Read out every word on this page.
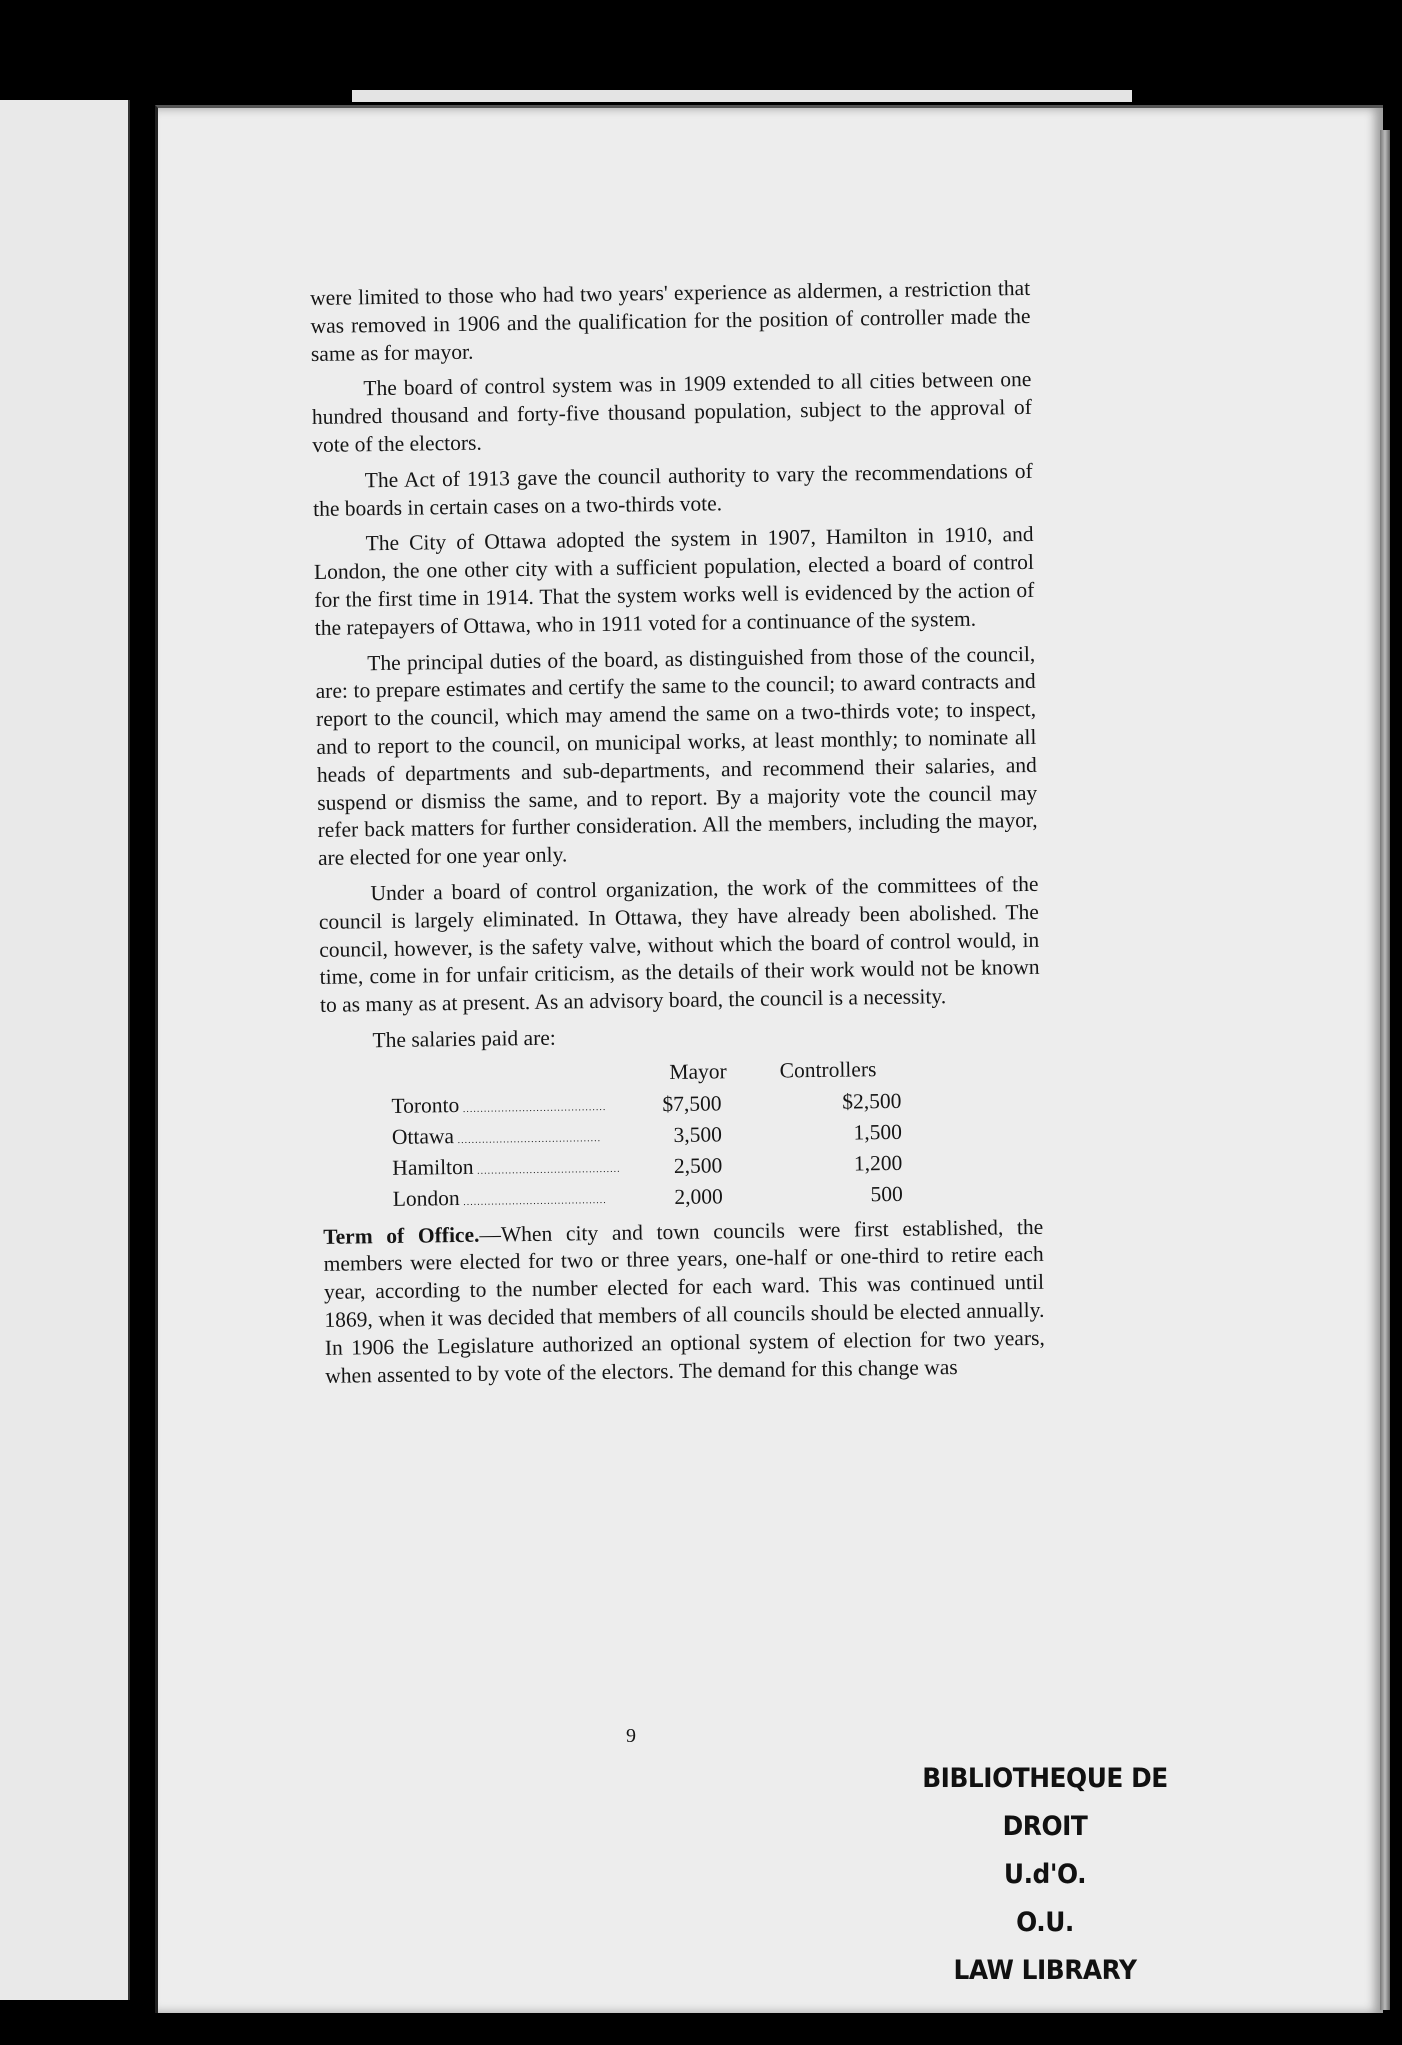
were limited to those who had two years' experience as aldermen, a restriction that was removed in 1906 and the qualification for the position of controller made the same as for mayor.

The board of control system was in 1909 extended to all cities between one hundred thousand and forty-five thousand population, subject to the approval of vote of the electors.

The Act of 1913 gave the council authority to vary the recommendations of the boards in certain cases on a two-thirds vote.

The City of Ottawa adopted the system in 1907, Hamilton in 1910, and London, the one other city with a sufficient population, elected a board of control for the first time in 1914. That the system works well is evidenced by the action of the ratepayers of Ottawa, who in 1911 voted for a continuance of the system.

The principal duties of the board, as distinguished from those of the council, are: to prepare estimates and certify the same to the council; to award contracts and report to the council, which may amend the same on a two-thirds vote; to inspect, and to report to the council, on municipal works, at least monthly; to nominate all heads of departments and sub-departments, and recommend their salaries, and suspend or dismiss the same, and to report. By a majority vote the council may refer back matters for further consideration. All the members, including the mayor, are elected for one year only.

Under a board of control organization, the work of the committees of the council is largely eliminated. In Ottawa, they have already been abolished. The council, however, is the safety valve, without which the board of control would, in time, come in for unfair criticism, as the details of their work would not be known to as many as at present. As an advisory board, the council is a necessity.

The salaries paid are:

	Mayor	Controllers
Toronto .....	$7,500	$2,500
Ottawa .....	3,500	1,500
Hamilton .....	2,500	1,200
London .....	2,000	500

Term of Office.—When city and town councils were first established, the members were elected for two or three years, one-half or one-third to retire each year, according to the number elected for each ward. This was continued until 1869, when it was decided that members of all councils should be elected annually. In 1906 the Legislature authorized an optional system of election for two years, when assented to by vote of the electors. The demand for this change was

9
BIBLIOTHEQUE DE DROIT
U.d'O.
O.U.
LAW LIBRARY
